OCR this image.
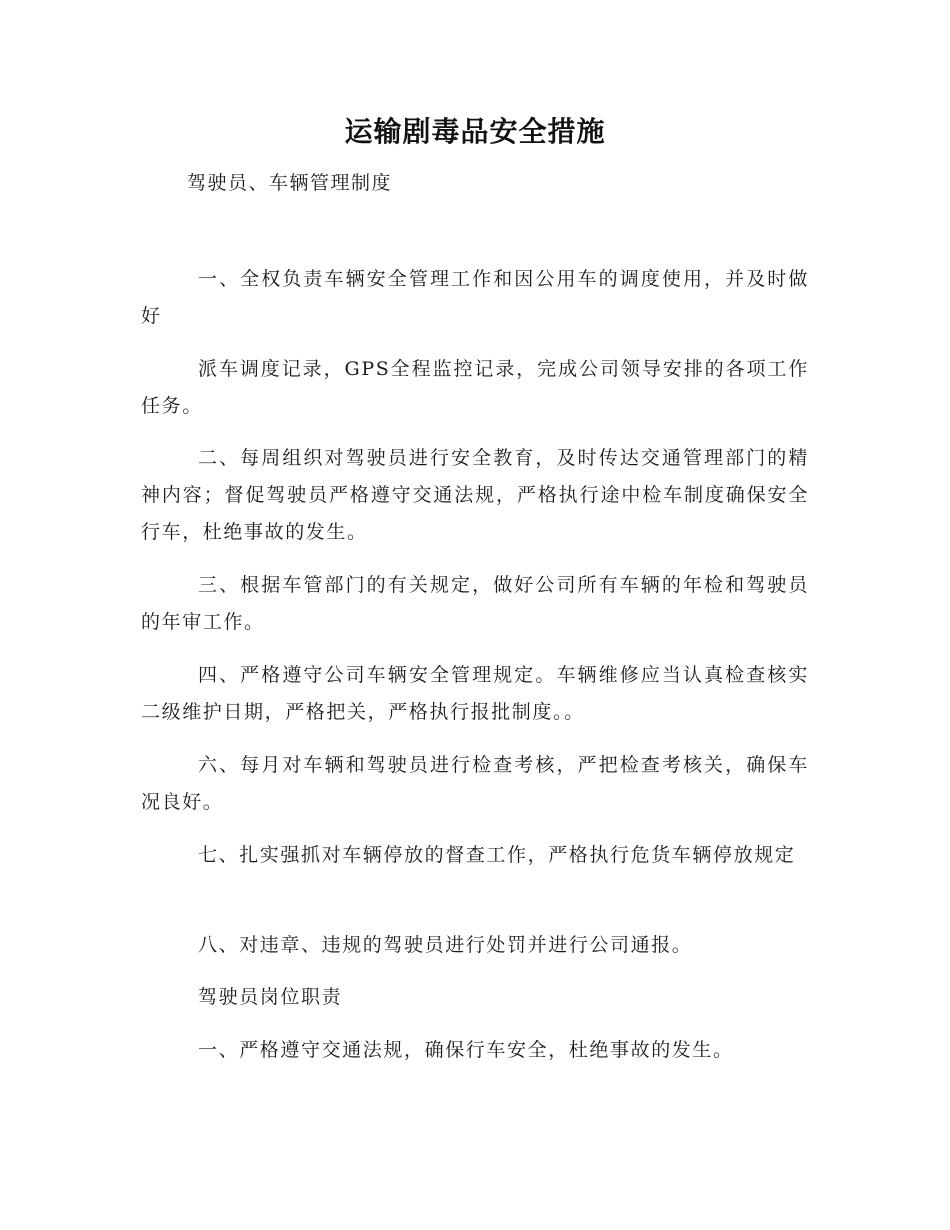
运输剧毒品安全措施
驾驶员、车辆管理制度

一、全权负责车辆安全管理工作和因公用车的调度使用，并及时做好

派车调度记录，GPS全程监控记录，完成公司领导安排的各项工作任务。

二、每周组织对驾驶员进行安全教育，及时传达交通管理部门的精神内容；督促驾驶员严格遵守交通法规，严格执行途中检车制度确保安全行车，杜绝事故的发生。

三、根据车管部门的有关规定，做好公司所有车辆的年检和驾驶员的年审工作。

四、严格遵守公司车辆安全管理规定。车辆维修应当认真检查核实二级维护日期，严格把关，严格执行报批制度。。

六、每月对车辆和驾驶员进行检查考核，严把检查考核关，确保车况良好。

七、扎实强抓对车辆停放的督查工作，严格执行危货车辆停放规定

八、对违章、违规的驾驶员进行处罚并进行公司通报。

驾驶员岗位职责

一、严格遵守交通法规，确保行车安全，杜绝事故的发生。
